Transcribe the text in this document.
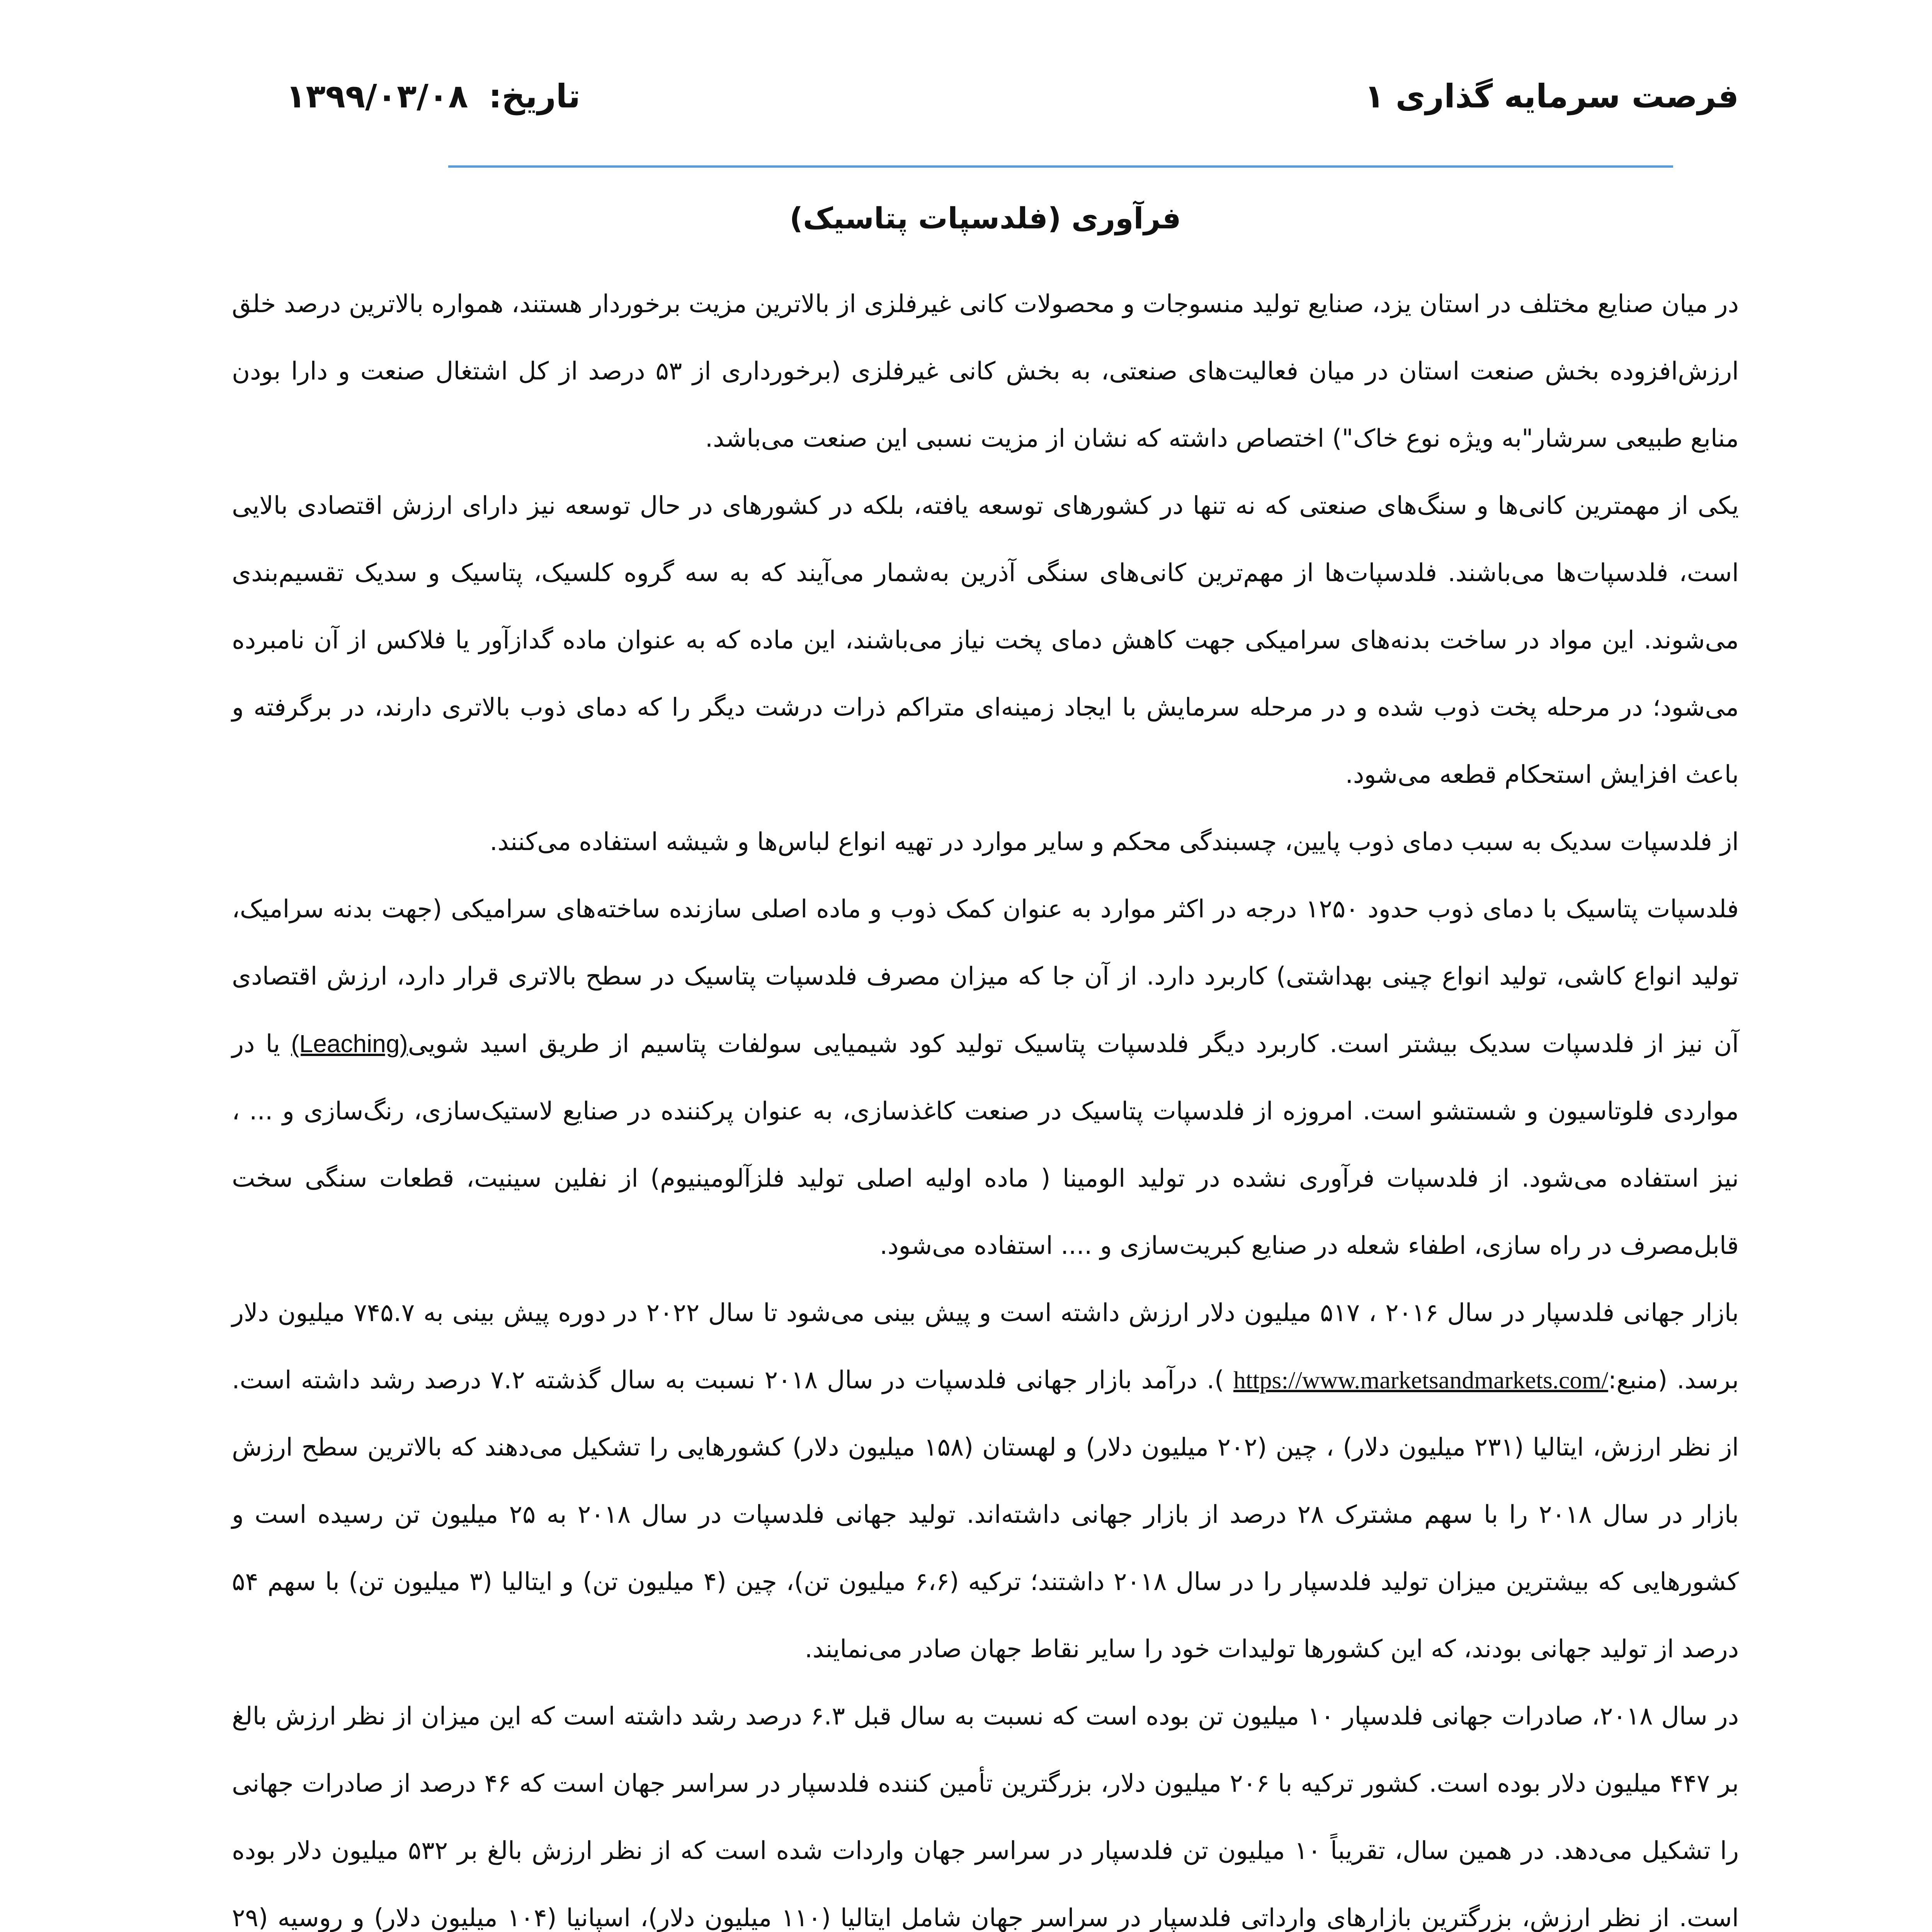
فرصت سرمایه گذاری ۱
تاریخ: ۱۳۹۹/۰۳/۰۸
فرآوری (فلدسپات پتاسیک)

در میان صنایع مختلف در استان یزد، صنایع تولید منسوجات و محصولات کانی غیرفلزی از بالاترین مزیت برخوردار هستند، همواره بالاترین درصد خلق ارزش‌افزوده بخش صنعت استان در میان فعالیت‌های صنعتی، به بخش کانی غیرفلزی (برخورداری از ۵۳ درصد از کل اشتغال صنعت و دارا بودن منابع طبیعی سرشار"به ویژه نوع خاک") اختصاص داشته که نشان از مزیت نسبی این صنعت می‌باشد.

یکی از مهمترین کانی‌ها و سنگ‌های صنعتی که نه تنها در کشورهای توسعه یافته، بلکه در کشورهای در حال توسعه نیز دارای ارزش اقتصادی بالایی است، فلدسپات‌ها می‌باشند. فلدسپات‌ها از مهم‌ترین کانی‌های سنگی آذرین به‌شمار می‌آیند که به سه گروه کلسیک، پتاسیک و سدیک تقسیم‌بندی می‌شوند. این مواد در ساخت بدنه‌های سرامیکی جهت کاهش دمای پخت نیاز می‌باشند، این ماده که به عنوان ماده گدازآور یا فلاکس از آن نامبرده می‌شود؛ در مرحله پخت ذوب شده و در مرحله سرمایش با ایجاد زمینه‌ای متراکم ذرات درشت دیگر را که دمای ذوب بالاتری دارند، در برگرفته و باعث افزایش استحکام قطعه می‌شود.

از فلدسپات سدیک به سبب دمای ذوب پایین، چسبندگی محکم و سایر موارد در تهیه انواع لباس‌ها و شیشه استفاده می‌کنند.

فلدسپات پتاسیک با دمای ذوب حدود ۱۲۵۰ درجه در اکثر موارد به عنوان کمک ذوب و ماده اصلی سازنده ساخته‌های سرامیکی (جهت بدنه سرامیک، تولید انواع کاشی، تولید انواع چینی بهداشتی) کاربرد دارد. از آن جا که میزان مصرف فلدسپات پتاسیک در سطح بالاتری قرار دارد، ارزش اقتصادی آن نیز از فلدسپات سدیک بیشتر است. کاربرد دیگر فلدسپات پتاسیک تولید کود شیمیایی سولفات پتاسیم از طریق اسید شویی(Leaching) یا در مواردی فلوتاسیون و شستشو است. امروزه از فلدسپات پتاسیک در صنعت کاغذسازی، به عنوان پرکننده در صنایع لاستیک‌سازی، رنگ‌سازی و ... ، نیز استفاده می‌شود. از فلدسپات فرآوری نشده در تولید الومینا ( ماده اولیه اصلی تولید فلزآلومینیوم) از نفلین سینیت، قطعات سنگی سخت قابل‌مصرف در راه سازی، اطفاء شعله در صنایع کبریت‌سازی و .... استفاده می‌شود.

بازار جهانی فلدسپار در سال ۲۰۱۶ ، ۵۱۷ میلیون دلار ارزش داشته است و پیش بینی می‌شود تا سال ۲۰۲۲ در دوره پیش بینی به ۷۴۵.۷ میلیون دلار برسد. (منبع:https://www.marketsandmarkets.com/ ). درآمد بازار جهانی فلدسپات در سال ۲۰۱۸ نسبت به سال گذشته ۷.۲ درصد رشد داشته است. از نظر ارزش، ایتالیا (۲۳۱ میلیون دلار) ، چین (۲۰۲ میلیون دلار) و لهستان (۱۵۸ میلیون دلار) کشورهایی را تشکیل می‌دهند که بالاترین سطح ارزش بازار در سال ۲۰۱۸ را با سهم مشترک ۲۸ درصد از بازار جهانی داشته‌اند. تولید جهانی فلدسپات در سال ۲۰۱۸ به ۲۵ میلیون تن رسیده است و کشورهایی که بیشترین میزان تولید فلدسپار را در سال ۲۰۱۸ داشتند؛ ترکیه (۶،۶ میلیون تن)، چین (۴ میلیون تن) و ایتالیا (۳ میلیون تن) با سهم ۵۴ درصد از تولید جهانی بودند، که این کشورها تولیدات خود را سایر نقاط جهان صادر می‌نمایند.

در سال ۲۰۱۸، صادرات جهانی فلدسپار ۱۰ میلیون تن بوده است که نسبت به سال قبل ۶.۳ درصد رشد داشته است که این میزان از نظر ارزش بالغ بر ۴۴۷ میلیون دلار بوده است. کشور ترکیه با ۲۰۶ میلیون دلار، بزرگترین تأمین کننده فلدسپار در سراسر جهان است که ۴۶ درصد از صادرات جهانی را تشکیل می‌دهد. در همین سال، تقریباً ۱۰ میلیون تن فلدسپار در سراسر جهان واردات شده است که از نظر ارزش بالغ بر ۵۳۲ میلیون دلار بوده است. از نظر ارزش، بزرگترین بازارهای وارداتی فلدسپار در سراسر جهان شامل ایتالیا (۱۱۰ میلیون دلار)، اسپانیا (۱۰۴ میلیون دلار) و روسیه (۲۹
